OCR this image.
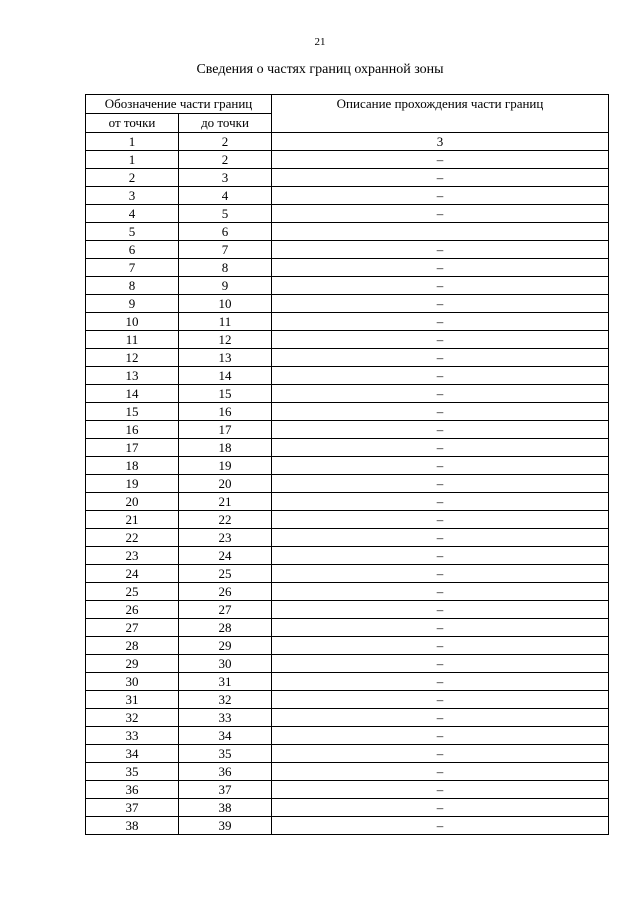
21
Сведения о частях границ охранной зоны
Обозначение части границ		Описание прохождения части границ
от точки	до точки	
1	2	3
1	2	–
2	3	–
3	4	–
4	5	–
5	6	
6	7	–
7	8	–
8	9	–
9	10	–
10	11	–
11	12	–
12	13	–
13	14	–
14	15	–
15	16	–
16	17	–
17	18	–
18	19	–
19	20	–
20	21	–
21	22	–
22	23	–
23	24	–
24	25	–
25	26	–
26	27	–
27	28	–
28	29	–
29	30	–
30	31	–
31	32	–
32	33	–
33	34	–
34	35	–
35	36	–
36	37	–
37	38	–
38	39	–
